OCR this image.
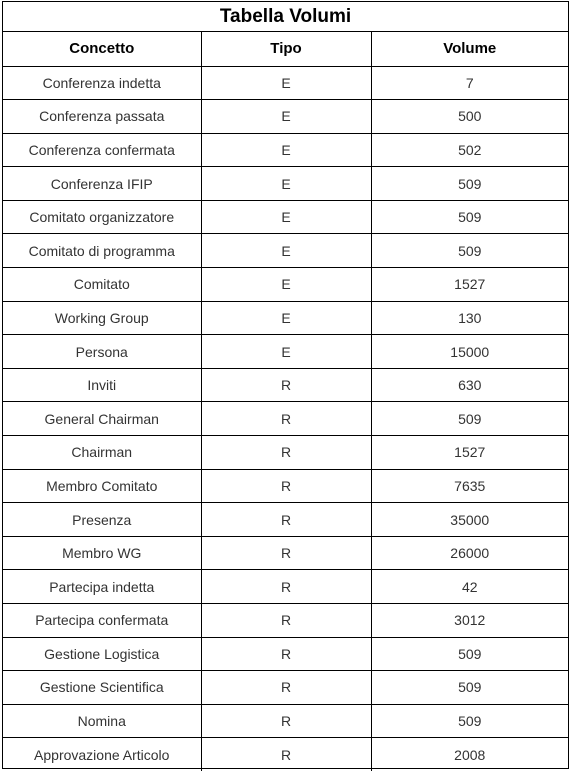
Tabella Volumi
Concetto	Tipo	Volume
Conferenza indetta	E	7
Conferenza passata	E	500
Conferenza confermata	E	502
Conferenza IFIP	E	509
Comitato organizzatore	E	509
Comitato di programma	E	509
Comitato	E	1527
Working Group	E	130
Persona	E	15000
Inviti	R	630
General Chairman	R	509
Chairman	R	1527
Membro Comitato	R	7635
Presenza	R	35000
Membro WG	R	26000
Partecipa indetta	R	42
Partecipa confermata	R	3012
Gestione Logistica	R	509
Gestione Scientifica	R	509
Nomina	R	509
Approvazione Articolo	R	2008
